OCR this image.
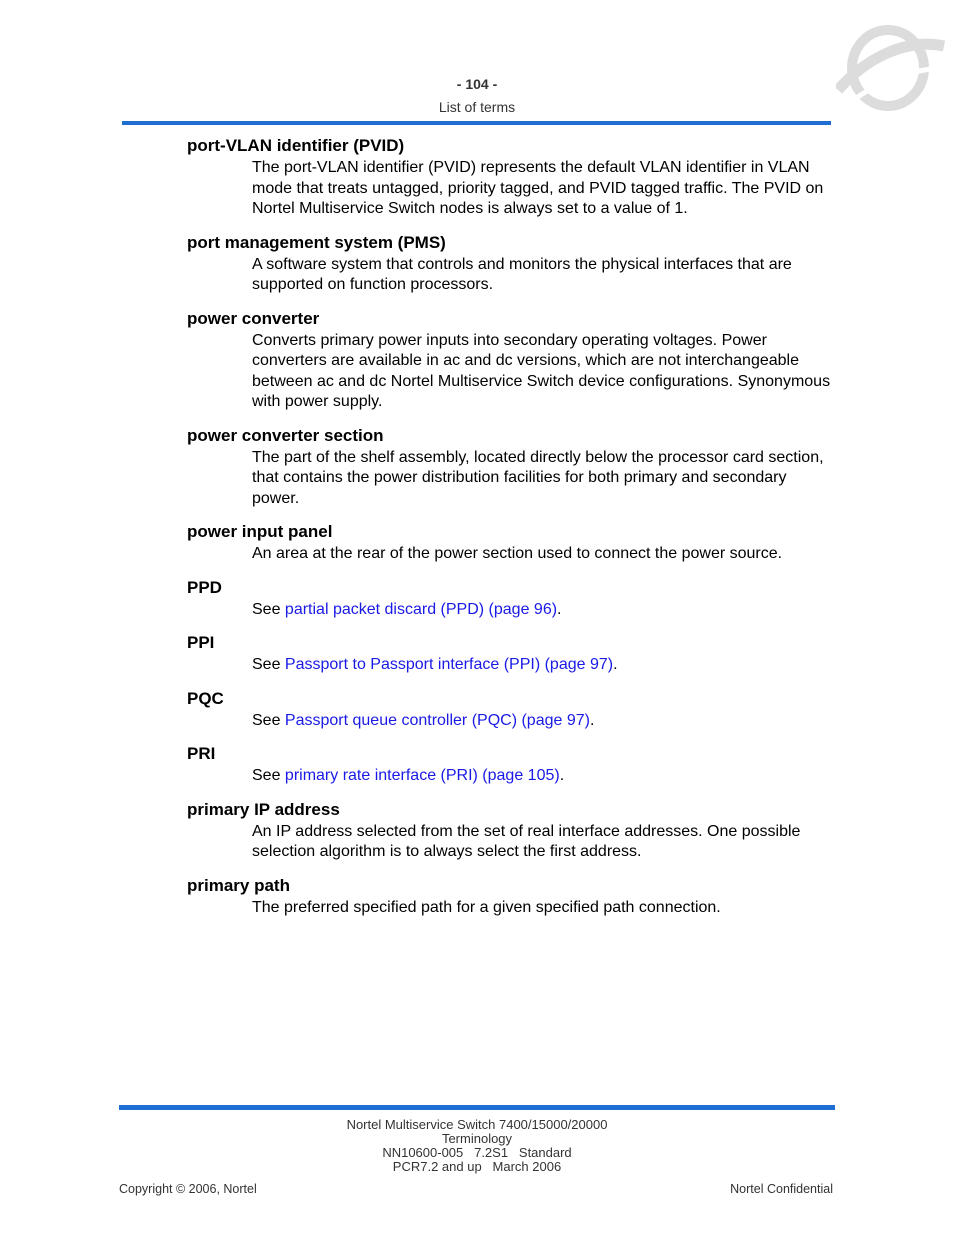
- 104 -
List of terms

port-VLAN identifier (PVID)

The port-VLAN identifier (PVID) represents the default VLAN identifier in VLAN mode that treats untagged, priority tagged, and PVID tagged traffic. The PVID on Nortel Multiservice Switch nodes is always set to a value of 1.

port management system (PMS)

A software system that controls and monitors the physical interfaces that are supported on function processors.

power converter

Converts primary power inputs into secondary operating voltages. Power converters are available in ac and dc versions, which are not interchangeable between ac and dc Nortel Multiservice Switch device configurations. Synonymous with power supply.

power converter section

The part of the shelf assembly, located directly below the processor card section, that contains the power distribution facilities for both primary and secondary power.

power input panel

An area at the rear of the power section used to connect the power source.

PPD

See partial packet discard (PPD) (page 96).

PPI

See Passport to Passport interface (PPI) (page 97).

PQC

See Passport queue controller (PQC) (page 97).

PRI

See primary rate interface (PRI) (page 105).

primary IP address

An IP address selected from the set of real interface addresses. One possible selection algorithm is to always select the first address.

primary path

The preferred specified path for a given specified path connection.

Nortel Multiservice Switch 7400/15000/20000
Terminology
NN10600-005   7.2S1   Standard
PCR7.2 and up   March 2006
Copyright © 2006, Nortel	Nortel Confidential
